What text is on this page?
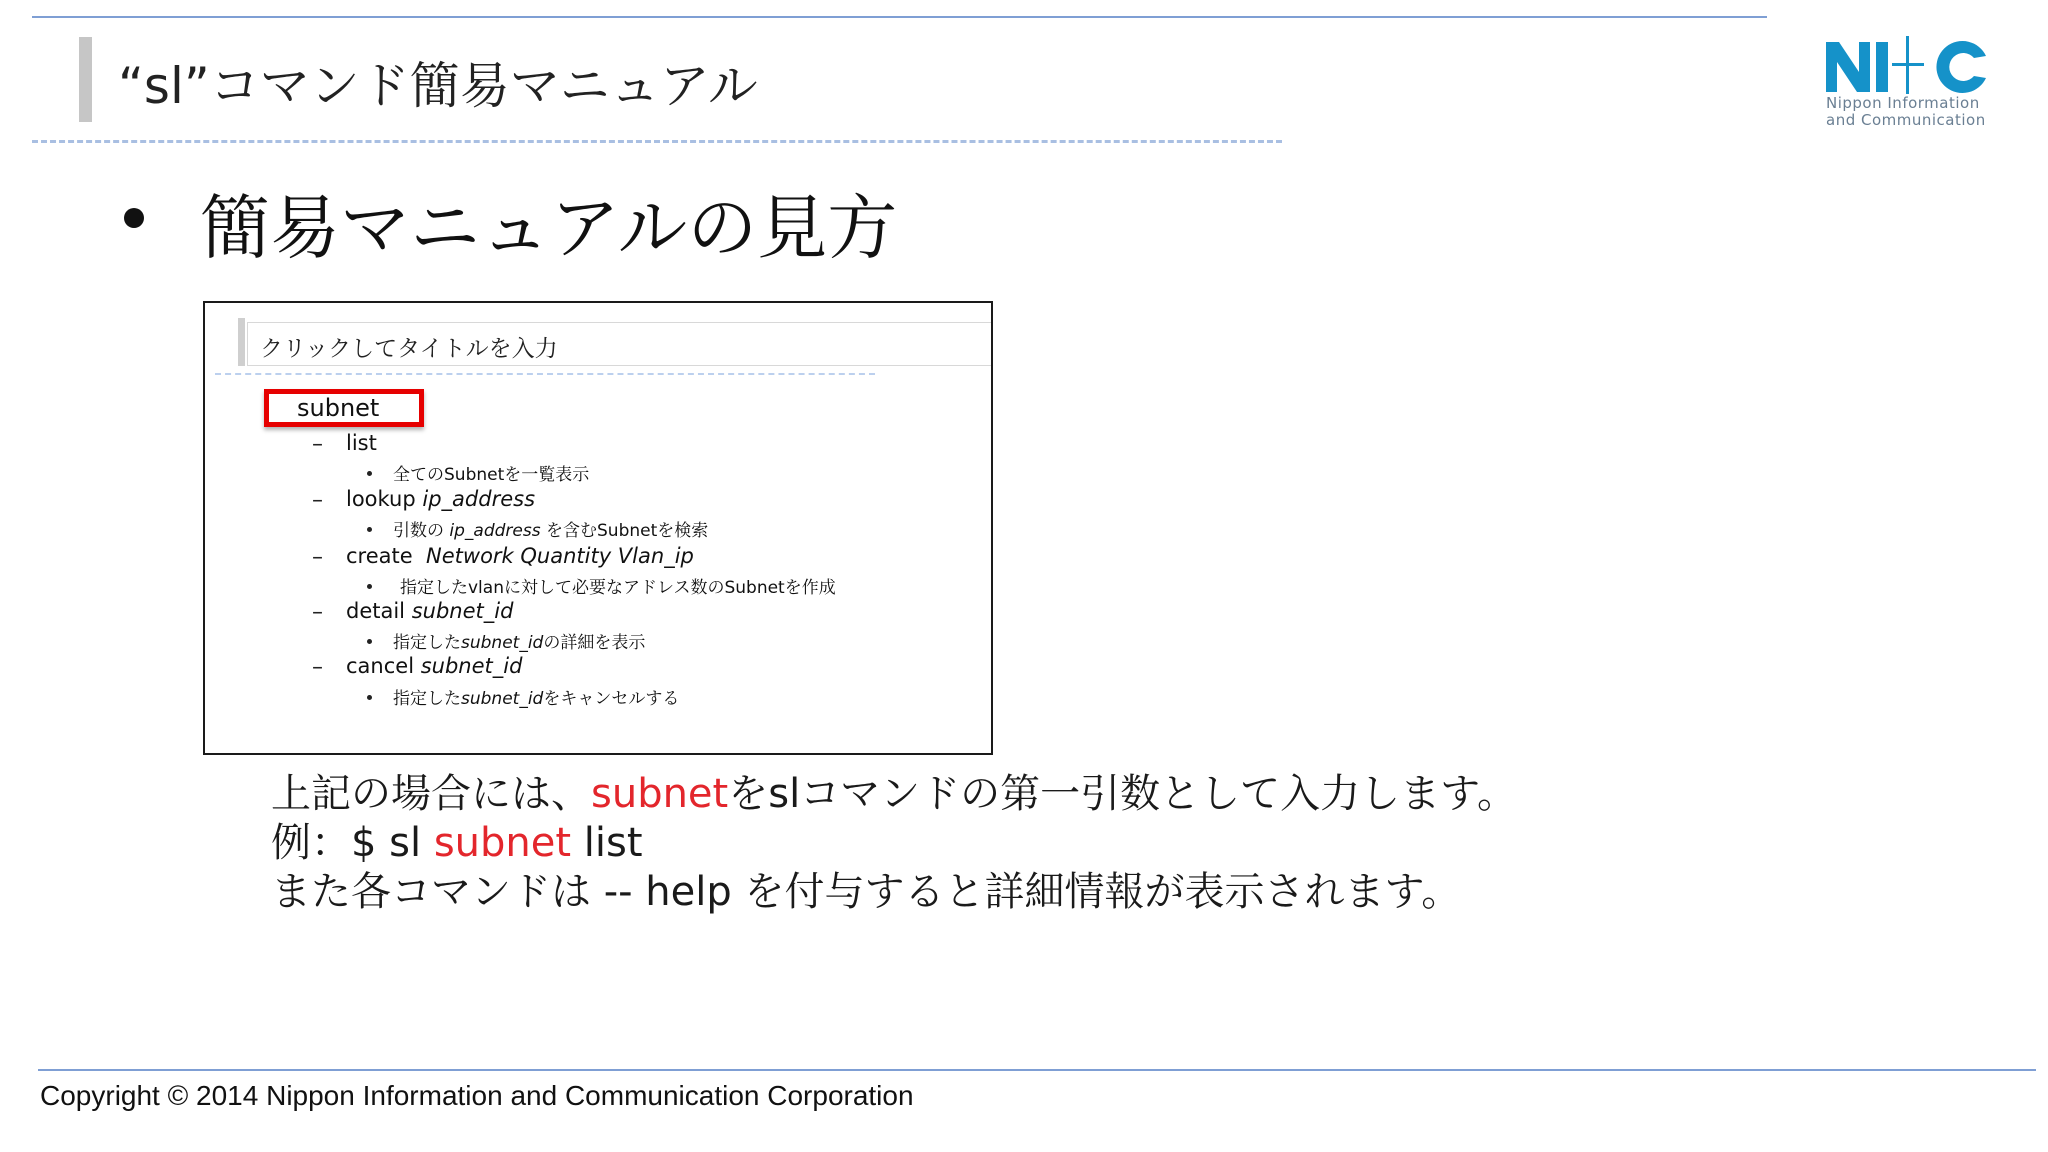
“sl”コマンド簡易マニュアル	Nippon Information
and Communication
簡易マニュアルの見方
クリックしてタイトルを入力
subnet
– list
全てのSubnetを一覧表示
– lookup ip_address
引数の ip_address を含むSubnetを検索
– create Network Quantity Vlan_ip
指定したvlanに対して必要なアドレス数のSubnetを作成
– detail subnet_id
指定したsubnet_idの詳細を表示
– cancel subnet_id
指定したsubnet_idをキャンセルする
上記の場合には、subnetをslコマンドの第一引数として入力します。
例：$ sl subnet list
また各コマンドは -- help を付与すると詳細情報が表示されます。
Copyright © 2014 Nippon Information and Communication Corporation
